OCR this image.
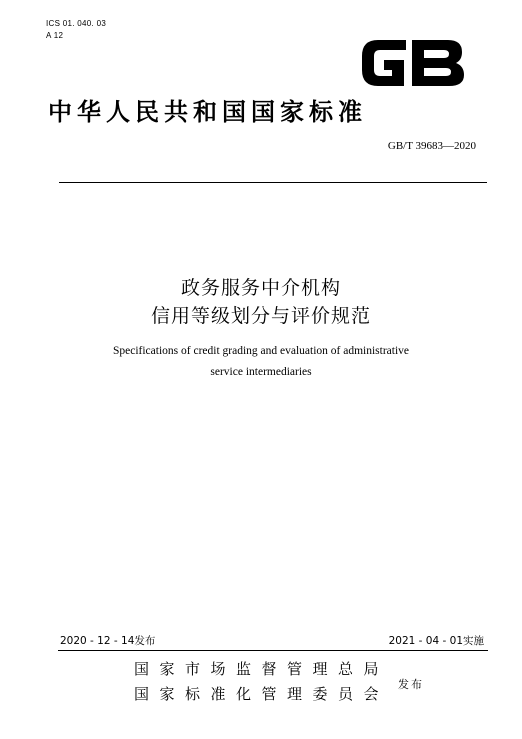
ICS 01. 040. 03
A 12	GB
中华人民共和国国家标准
GB/T 39683—2020
政务服务中介机构
信用等级划分与评价规范
Specifications of credit grading and evaluation of administrative
service intermediaries
2020 - 12 - 14发布	2021 - 04 - 01实施
国家市场监督管理总局
国家标准化管理委员会
发布
